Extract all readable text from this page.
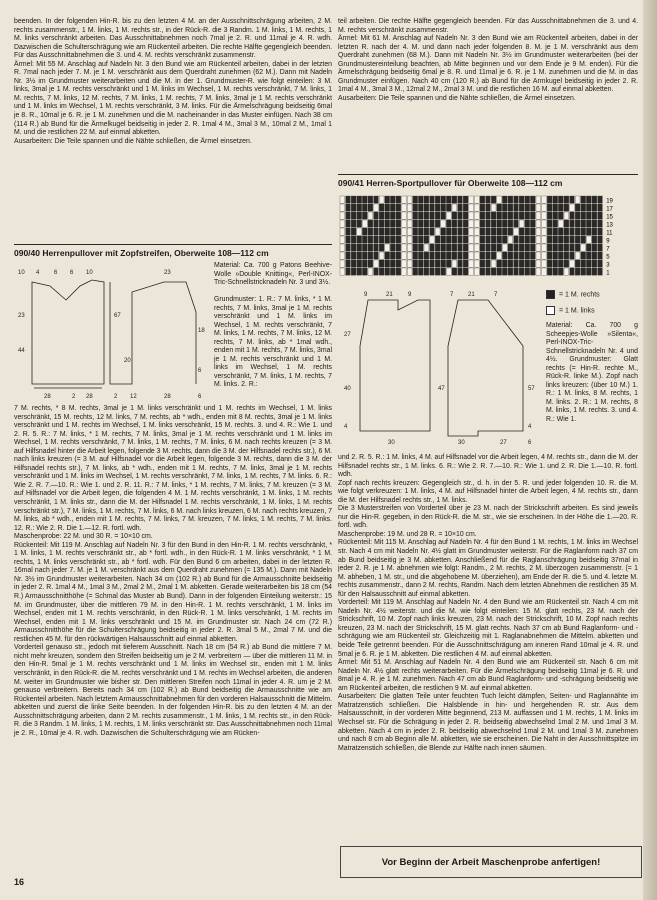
beenden. In der folgenden Hin-R. bis zu den letzten 4 M. an der Ausschnittschrägung arbeiten, 2 M. rechts zusammenstr., 1 M. links, 1 M. rechts str., in der Rück-R. die 3 Randm. 1 M. links, 1 M. rechts, 1 M. links verschränkt arbeiten. Das Ausschnittabnehmen noch 7mal je 2. R. und 11mal je 4. R. wdh. Dazwischen die Schulterschrägung wie am Rückenteil arbeiten. Die rechte Hälfte gegengleich beenden. Für das Ausschnittabnehmen die 3. und 4. M. rechts verschränkt zusammenstr.

Ärmel: Mit 55 M. Anschlag auf Nadeln Nr. 3 den Bund wie am Rückenteil arbeiten, dabei in der letzten R. 7mal nach jeder 7. M. je 1 M. verschränkt aus dem Querdraht zunehmen (62 M.). Dann mit Nadeln Nr. 3½ im Grundmuster weiterarbeiten und die M. in der 1. Grundmuster-R. wie folgt einteilen: 3 M. links, 3mal je 1 M. rechts verschränkt und 1 M. links im Wechsel, 1 M. rechts verschränkt, 7 M. links, 1 M. rechts, 7 M. links, 12 M. rechts, 7 M. links, 1 M. rechts, 7 M. links, 3mal je 1 M. rechts verschränkt und 1 M. links im Wechsel, 1 M. rechts verschränkt, 3 M. links. Für die Ärmelschrägung beidseitig 6mal je 8. R., 10mal je 6. R. je 1 M. zunehmen und die M. nacheinander in das Muster einfügen. Nach 38 cm (114 R.) ab Bund für die Ärmelkugel beidseitig in jeder 2. R. 1mal 4 M., 3mal 3 M., 10mal 2 M., 1mal 1 M. und die restlichen 22 M. auf einmal abketten.

Ausarbeiten: Die Teile spannen und die Nähte schließen, die Ärmel einsetzen.

090/40 Herrenpullover mit Zopfstreifen, Oberweite 108—112 cm
10 4 6 6 10	23
23
44
67
20
18
6
28	2 28	2 12	28	6
Material: Ca. 700 g Patons Beehive-Wolle »Double Knitting«, Perl-INOX-Tric-Schnellstricknadeln Nr. 3 und 3½.
Grundmuster: 1. R.: 7 M. links, * 1 M. rechts, 7 M. links, 3mal je 1 M. rechts verschränkt und 1 M. links im Wechsel, 1 M. rechts verschränkt, 7 M. links, 1 M. rechts, 7 M. links, 12 M. rechts, 7 M. links, ab * 1mal wdh., enden mit 1 M. rechts, 7 M. links, 3mal je 1 M. rechts verschränkt und 1 M. links im Wechsel, 1 M. rechts verschränkt, 7 M. links, 1 M. rechts, 7 M. links. 2. R.:

7 M. rechts, * 8 M. rechts, 3mal je 1 M. links verschränkt und 1 M. rechts im Wechsel, 1 M. links verschränkt, 15 M. rechts, 12 M. links, 7 M. rechts, ab * wdh., enden mit 8 M. rechts, 3mal je 1 M. links verschränkt und 1 M. rechts im Wechsel, 1 M. links verschränkt, 15 M. rechts. 3. und 4. R.: Wie 1. und 2. R. 5. R.: 7 M. links, * 1 M. rechts, 7 M. links, 3mal je 1 M. rechts verschränkt und 1 M. links im Wechsel, 1 M. rechts verschränkt, 7 M. links, 1 M. rechts, 7 M. links, 6 M. nach rechts kreuzen (= 3 M. auf Hilfsnadel hinter die Arbeit legen, folgende 3 M. rechts, dann die 3 M. der Hilfsnadel rechts str.), 6 M. nach links kreuzen (= 3 M. auf Hilfsnadel vor die Arbeit legen, folgende 3 M. rechts, dann die 3 M. der Hilfsnadel rechts str.), 7 M. links, ab * wdh., enden mit 1 M. rechts, 7 M. links, 3mal je 1 M. rechts verschränkt und 1 M. links im Wechsel, 1 M. rechts verschränkt, 7 M. links, 1 M. rechts, 7 M. links. 6. R.: Wie 2. R. 7.—10. R.: Wie 1. und 2. R. 11. R.: 7 M. links, * 1 M. rechts, 7 M. links, 7 M. kreuzen (= 3 M. auf Hilfsnadel vor die Arbeit legen, die folgenden 4 M. 1 M. rechts verschränkt, 1 M. links, 1 M. rechts verschränkt, 1 M. links str., dann die M. der Hilfsnadel 1 M. rechts verschränkt, 1 M. links, 1 M. rechts verschränkt str.), 7 M. links, 1 M. rechts, 7 M. links, 6 M. nach links kreuzen, 6 M. nach rechts kreuzen, 7 M. links, ab * wdh., enden mit 1 M. rechts, 7 M. links, 7 M. kreuzen, 7 M. links, 1 M. rechts, 7 M. links. 12. R.: Wie 2. R. Die 1.—12. R. fortl. wdh.

Maschenprobe: 22 M. und 30 R. = 10×10 cm.

Rückenteil: Mit 119 M. Anschlag auf Nadeln Nr. 3 für den Bund in den Hin-R. 1 M. rechts verschränkt, * 1 M. links, 1 M. rechts verschränkt str., ab * fortl. wdh., in den Rück-R. 1 M. links verschränkt, * 1 M. rechts, 1 M. links verschränkt str., ab * fortl. wdh. Für den Bund 6 cm arbeiten, dabei in der letzten R. 16mal nach jeder 7. M. je 1 M. verschränkt aus dem Querdraht zunehmen (= 135 M.). Dann mit Nadeln Nr. 3½ im Grundmuster weiterarbeiten. Nach 34 cm (102 R.) ab Bund für die Armausschnitte beidseitig in jeder 2. R. 1mal 4 M., 1mal 3 M., 2mal 2 M., 2mal 1 M. abketten. Gerade weiterarbeiten bis 18 cm (54 R.) Armausschnitthöhe (= Schmal das Muster ab Bund). Dann in der folgenden Einteilung weiterstr.: 15 M. im Grundmuster, über die mittleren 79 M. in den Hin-R. 1 M. rechts verschränkt, 1 M. links im Wechsel, enden mit 1 M. rechts verschränkt, in den Rück-R. 1 M. links verschränkt, 1 M. rechts im Wechsel, enden mit 1 M. links verschränkt und 15 M. im Grundmuster str. Nach 24 cm (72 R.) Armausschnitthöhe für die Schulterschrägung beidseitig in jeder 2. R. 3mal 5 M., 2mal 7 M. und die restlichen 45 M. für den rückwärtigen Halsausschnitt auf einmal abketten.

Vorderteil genauso str., jedoch mit tieferem Ausschnitt. Nach 18 cm (54 R.) ab Bund die mittlere 7 M. nicht mehr kreuzen, sondern den Streifen beidseitig um je 2 M. verbreitern — über die mittleren 11 M. in den Hin-R. 5mal je 1 M. rechts verschränkt und 1 M. links im Wechsel str., enden mit 1 M. links verschränkt, in den Rück-R. die M. rechts verschränkt und 1 M. rechts im Wechsel arbeiten, die anderen M. weiter im Grundmuster wie bisher str. Den mittleren Streifen noch 11mal in jeder 4. R. um je 2 M. genauso verbreitern. Bereits nach 34 cm (102 R.) ab Bund beidseitig die Armausschnitte wie am Rückenteil arbeiten. Nach letztem Armausschnittabnehmen für den vorderen Halsausschnitt die Mittelm. abketten und zuerst die linke Seite beenden. In der folgenden Hin-R. bis zu den letzten 4 M. an der Ausschnittschrägung arbeiten, dann 2 M. rechts zusammenstr., 1 M. links, 1 M. rechts str., in den Rück-R. die 3 Randm. 1 M. links, 1 M. rechts, 1 M. links verschränkt str. Das Ausschnittabnehmen noch 11mal je 2. R., 10mal je 4. R. wdh. Dazwischen die Schulterschrägung wie am Rücken-

teil arbeiten. Die rechte Hälfte gegengleich beenden. Für das Ausschnittabnehmen die 3. und 4. M. rechts verschränkt zusammenstr.

Ärmel: Mit 61 M. Anschlag auf Nadeln Nr. 3 den Bund wie am Rückenteil arbeiten, dabei in der letzten R. nach der 4. M. und dann nach jeder folgenden 8. M. je 1 M. verschränkt aus dem Querdraht zunehmen (68 M.). Dann mit Nadeln Nr. 3½ im Grundmuster weiterarbeiten (bei der Grundmustereinteilung beachten, ab Mitte beginnen und vor dem Ende je 9 M. enden). Für die Ärmelschrägung beidseitig 6mal je 8. R. und 11mal je 6. R. je 1 M. zunehmen und die M. in das Grundmuster einfügen. Nach 40 cm (120 R.) ab Bund für die Armkugel beidseitig in jeder 2. R. 1mal 4 M., 3mal 3 M., 12mal 2 M., 2mal 3 M. und die restlichen 16 M. auf einmal abketten.

Ausarbeiten: Die Teile spannen und die Nähte schließen, die Ärmel einsetzen.

090/41 Herren-Sportpullover für Oberweite 108—112 cm
19
17
15
13
11
9
7
5
3
1
= 1 M. rechts
= 1 M. links
9	21	9	7 21	7
27
40
4
47
4
57
30	30	27	6
Material: Ca. 700 g Scheepjes-Wolle »Silenta«, Perl-INOX-Tric-Schnellstricknadeln Nr. 4 und 4½. Grundmuster: Glatt rechts (= Hin-R. rechte M., Rück-R. linke M.). Zopf nach links kreuzen: (über 10 M.) 1. R.: 1 M. links, 8 M. rechts, 1 M. links. 2. R.: 1 M. rechts, 8 M. links, 1 M. rechts. 3. und 4. R.: Wie 1.

und 2. R. 5. R.: 1 M. links, 4 M. auf Hilfsnadel vor die Arbeit legen, 4 M. rechts str., dann die M. der Hilfsnadel rechts str., 1 M. links. 6. R.: Wie 2. R. 7.—10. R.: Wie 1. und 2. R. Die 1.—10. R. fortl. wdh.

Zopf nach rechts kreuzen: Gegengleich str., d. h. in der 5. R. und jeder folgenden 10. R. die M. wie folgt verkreuzen: 1 M. links, 4 M. auf Hilfsnadel hinter die Arbeit legen, 4 M. rechts str., dann die M. der Hilfsnadel rechts str., 1 M. links.

Die 3 Musterstreifen von Vorderteil über je 23 M. nach der Strickschrift arbeiten. Es sind jeweils nur die Hin-R. gegeben, in den Rück-R. die M. str., wie sie erscheinen. In der Höhe die 1.—20. R. fortl. wdh.

Maschenprobe: 19 M. und 28 R. = 10×10 cm.

Rückenteil: Mit 115 M. Anschlag auf Nadeln Nr. 4 für den Bund 1 M. rechts, 1 M. links im Wechsel str. Nach 4 cm mit Nadeln Nr. 4½ glatt im Grundmuster weiterstr. Für die Raglanform nach 37 cm ab Bund beidseitig je 3 M. abketten. Anschließend für die Raglanschrägung beidseitig 37mal in jeder 2. R. je 1 M. abnehmen wie folgt: Randm., 2 M. rechts, 2 M. überzogen zusammenstr. (= 1 M. abheben, 1 M. str., und die abgehobene M. überziehen), am Ende der R. die 5. und 4. letzte M. rechts zusammenstr., dann 2 M. rechts, Randm. Nach dem letzten Abnehmen die restlichen 35 M. für den Halsausschnitt auf einmal abketten.

Vorderteil: Mit 119 M. Anschlag auf Nadeln Nr. 4 den Bund wie am Rückenteil str. Nach 4 cm mit Nadeln Nr. 4½ weiterstr. und die M. wie folgt einteilen: 15 M. glatt rechts, 23 M. nach der Strickschrift, 10 M. Zopf nach links kreuzen, 23 M. nach der Strickschrift, 10 M. Zopf nach rechts kreuzen, 23 M. nach der Strickschrift, 15 M. glatt rechts. Nach 37 cm ab Bund Raglanform- und -schrägung wie am Rückenteil str. Gleichzeitig mit 1. Raglanabnehmen die Mittelm. abketten und beide Teile getrennt beenden. Für die Ausschnittschrägung am inneren Rand 10mal je 4. R. und 5mal je 6. R. je 1 M. abketten. Die restlichen 4 M. auf einmal abketten.

Ärmel: Mit 51 M. Anschlag auf Nadeln Nr. 4 den Bund wie am Rückenteil str. Nach 6 cm mit Nadeln Nr. 4½ glatt rechts weiterarbeiten. Für die Ärmelschrägung beidseitig 11mal je 6. R. und 8mal je 4. R. je 1 M. zunehmen. Nach 47 cm ab Bund Raglanform- und -schrägung beidseitig wie am Rückenteil arbeiten, die restlichen 9 M. auf einmal abketten.

Ausarbeiten: Die glatten Teile unter feuchten Tuch leicht dämpfen, Seiten- und Raglannähte im Matratzenstich schließen. Die Halsblende in hin- und hergehenden R. str. Aus dem Halsausschnitt, in der vorderen Mitte beginnend, 213 M. auffassen und 1 M. rechts, 1 M. links im Wechsel str. Für die Schrägung in jeder 2. R. beidseitig abwechselnd 1mal 2 M. und 1mal 3 M. abketten. Nach 4 cm in jeder 2. R. beidseitig abwechselnd 1mal 2 M. und 1mal 3 M. zunehmen und nach 8 cm ab Beginn alle M. abketten, wie sie erscheinen. Die Naht in der Ausschnittspitze im Matratzenstich schließen, die Blende zur Hälfte nach innen säumen.

Vor Beginn der Arbeit Maschenprobe anfertigen!
16
